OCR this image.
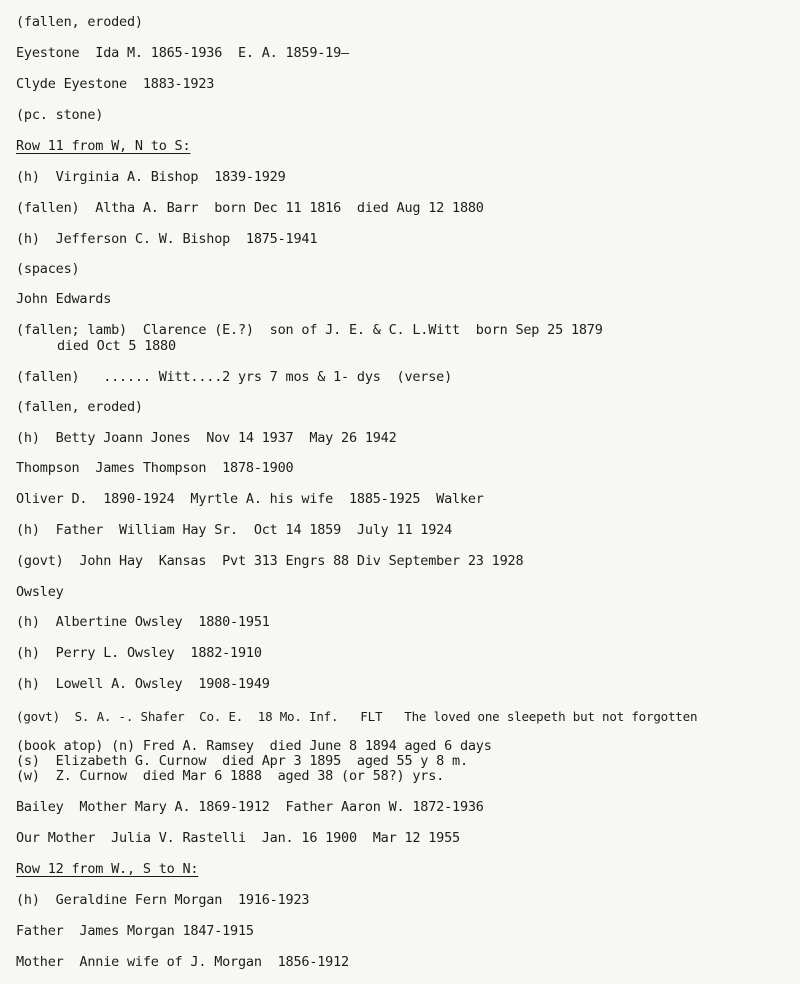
(fallen, eroded)
Eyestone  Ida M. 1865-1936  E. A. 1859-19—
Clyde Eyestone  1883-1923
(pc. stone)
Row 11 from W, N to S:
(h)  Virginia A. Bishop  1839-1929
(fallen)  Altha A. Barr  born Dec 11 1816  died Aug 12 1880
(h)  Jefferson C. W. Bishop  1875-1941
(spaces)
John Edwards
(fallen; lamb)  Clarence (E.?)  son of J. E. & C. L.Witt  born Sep 25 1879
died Oct 5 1880
(fallen)   ...... Witt....2 yrs 7 mos & 1- dys  (verse)
(fallen, eroded)
(h)  Betty Joann Jones  Nov 14 1937  May 26 1942
Thompson  James Thompson  1878-1900
Oliver D.  1890-1924  Myrtle A. his wife  1885-1925  Walker
(h)  Father  William Hay Sr.  Oct 14 1859  July 11 1924
(govt)  John Hay  Kansas  Pvt 313 Engrs 88 Div September 23 1928
Owsley
(h)  Albertine Owsley  1880-1951
(h)  Perry L. Owsley  1882-1910
(h)  Lowell A. Owsley  1908-1949
(govt)  S. A. -. Shafer  Co. E.  18 Mo. Inf.   FLT   The loved one sleepeth but not forgotten
(book atop) (n) Fred A. Ramsey  died June 8 1894 aged 6 days
(s)  Elizabeth G. Curnow  died Apr 3 1895  aged 55 y 8 m.
(w)  Z. Curnow  died Mar 6 1888  aged 38 (or 58?) yrs.
Bailey  Mother Mary A. 1869-1912  Father Aaron W. 1872-1936
Our Mother  Julia V. Rastelli  Jan. 16 1900  Mar 12 1955
Row 12 from W., S to N:
(h)  Geraldine Fern Morgan  1916-1923
Father  James Morgan 1847-1915
Mother  Annie wife of J. Morgan  1856-1912
